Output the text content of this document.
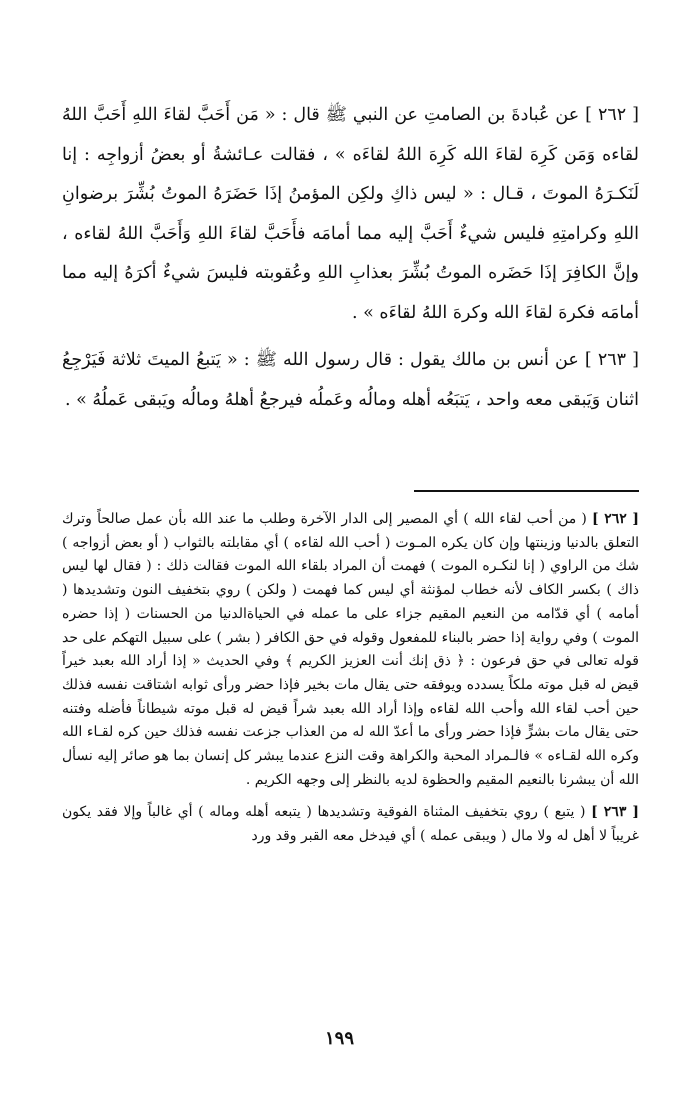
[ ٢٦٢ ] عن عُبادةَ بن الصامتِ عن النبي ﷺ قال : « مَن أَحَبَّ لقاءَ اللهِ أَحَبَّ اللهُ لقاءه وَمَن كَرِهَ لقاءَ الله كَرِهَ اللهُ لقاءَه » ، فقالت عـائشةُ أو بعضُ أزواجِه : إنا لَنَكـرَهُ الموتَ ، قـال : « ليس ذاكِ ولكِن المؤمنُ إذَا حَضَرَهُ الموتُ بُشِّرَ برضوانِ اللهِ وكرامتِهِ فليس شيءٌ أَحَبَّ إليه مما أمامَه فأَحَبَّ لقاءَ اللهِ وَأَحَبَّ اللهُ لقاءه ، وإنَّ الكافِرَ إذَا حَضَره الموتُ بُشِّرَ بعذابِ اللهِ وعُقوبته فليسَ شيءٌ أكرَهُ إليه مما أمامَه فكرهَ لقاءَ الله وكرهَ اللهُ لقاءَه » .

[ ٢٦٣ ] عن أنس بن مالك يقول : قال رسول الله ﷺ : « يَتبعُ الميتَ ثلاثة فَيَرْجِعُ اثنان وَيَبقى معه واحد ، يَتبَعُه أهله ومالُه وعَملُه فيرجعُ أهلهُ ومالُه ويَبقى عَملُهُ » .

[ ٢٦٢ ] ( من أحب لقاء الله ) أي المصير إلى الدار الآخرة وطلب ما عند الله بأن عمل صالحاً وترك التعلق بالدنيا وزينتها وإن كان يكره المـوت ( أحب الله لقاءه ) أي مقابلته بالثواب ( أو بعض أزواجه ) شك من الراوي ( إنا لنكـره الموت ) فهمت أن المراد بلقاء الله الموت فقالت ذلك : ( فقال لها ليس ذاك ) بكسر الكاف لأنه خطاب لمؤنثة أي ليس كما فهمت ( ولكن ) روي بتخفيف النون وتشديدها ( أمامه ) أي قدّامه من النعيم المقيم جزاء على ما عمله في الحياةالدنيا من الحسنات ( إذا حضره الموت ) وفي رواية إذا حضر بالبناء للمفعول وقوله في حق الكافر ( بشر ) على سبيل التهكم على حد قوله تعالى في حق فرعون : ﴿ ذق إنك أنت العزيز الكريم ﴾ وفي الحديث « إذا أراد الله بعبد خيراً قيض له قبل موته ملكاً يسدده ويوفقه حتى يقال مات بخير فإذا حضر ورأى ثوابه اشتاقت نفسه فذلك حين أحب لقاء الله وأحب الله لقاءه وإذا أراد الله بعبد شراً قيض له قبل موته شيطاناً فأضله وفتنه حتى يقال مات بشرٍّ فإذا حضر ورأى ما أعدّ الله له من العذاب جزعت نفسه فذلك حين كره لقـاء الله وكره الله لقـاءه » فالـمراد المحبة والكراهة وقت النزع عندما يبشر كل إنسان بما هو صائر إليه نسأل الله أن يبشرنا بالنعيم المقيم والحظوة لديه بالنظر إلى وجهه الكريم .

[ ٢٦٣ ] ( يتبع ) روي بتخفيف المثناة الفوقية وتشديدها ( يتبعه أهله وماله ) أي غالباً وإلا فقد يكون غريباً لا أهل له ولا مال ( ويبقى عمله ) أي فيدخل معه القبر وقد ورد

١٩٩
